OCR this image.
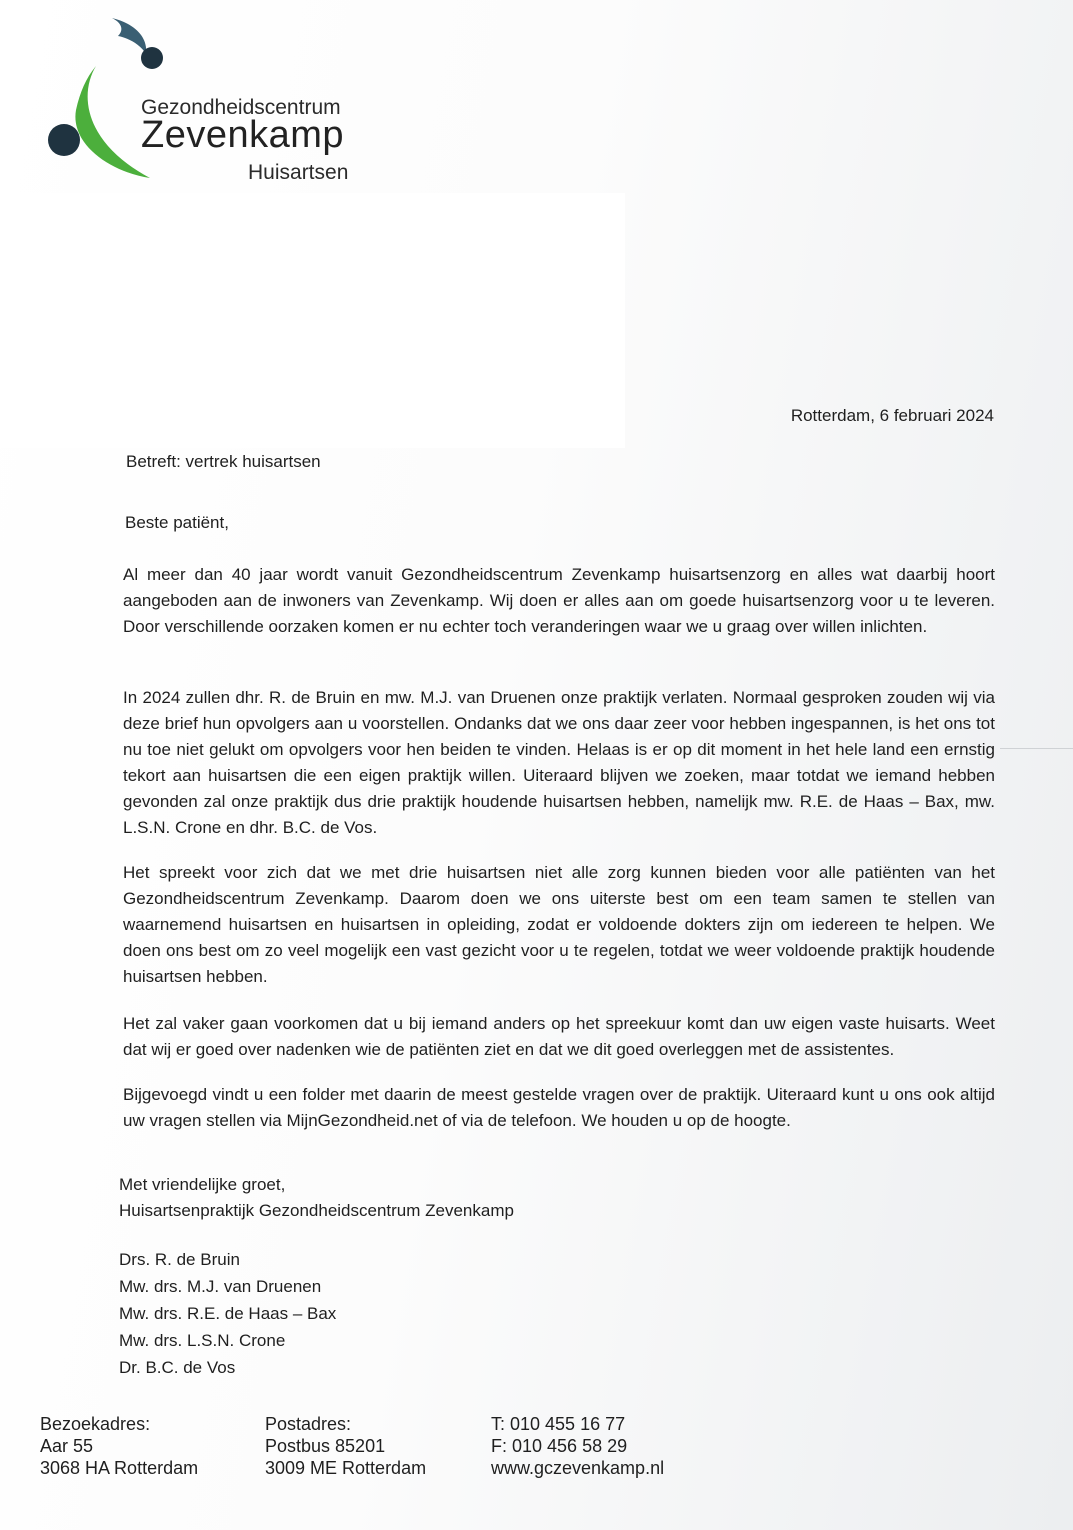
Gezondheidscentrum
Zevenkamp
Huisartsen
Rotterdam, 6 februari 2024
Betreft: vertrek huisartsen
Beste patiënt,

Al meer dan 40 jaar wordt vanuit Gezondheidscentrum Zevenkamp huisartsenzorg en alles wat daarbij hoort aangeboden aan de inwoners van Zevenkamp. Wij doen er alles aan om goede huisartsenzorg voor u te leveren. Door verschillende oorzaken komen er nu echter toch veranderingen waar we u graag over willen inlichten.

In 2024 zullen dhr. R. de Bruin en mw. M.J. van Druenen onze praktijk verlaten. Normaal gesproken zouden wij via deze brief hun opvolgers aan u voorstellen. Ondanks dat we ons daar zeer voor hebben ingespannen, is het ons tot nu toe niet gelukt om opvolgers voor hen beiden te vinden. Helaas is er op dit moment in het hele land een ernstig tekort aan huisartsen die een eigen praktijk willen. Uiteraard blijven we zoeken, maar totdat we iemand hebben gevonden zal onze praktijk dus drie praktijk houdende huisartsen hebben, namelijk mw. R.E. de Haas – Bax, mw. L.S.N. Crone en dhr. B.C. de Vos.

Het spreekt voor zich dat we met drie huisartsen niet alle zorg kunnen bieden voor alle patiënten van het Gezondheidscentrum Zevenkamp. Daarom doen we ons uiterste best om een team samen te stellen van waarnemend huisartsen en huisartsen in opleiding, zodat er voldoende dokters zijn om iedereen te helpen. We doen ons best om zo veel mogelijk een vast gezicht voor u te regelen, totdat we weer voldoende praktijk houdende huisartsen hebben.

Het zal vaker gaan voorkomen dat u bij iemand anders op het spreekuur komt dan uw eigen vaste huisarts. Weet dat wij er goed over nadenken wie de patiënten ziet en dat we dit goed overleggen met de assistentes.

Bijgevoegd vindt u een folder met daarin de meest gestelde vragen over de praktijk. Uiteraard kunt u ons ook altijd uw vragen stellen via MijnGezondheid.net of via de telefoon. We houden u op de hoogte.

Met vriendelijke groet,
Huisartsenpraktijk Gezondheidscentrum Zevenkamp
Drs. R. de Bruin
Mw. drs. M.J. van Druenen
Mw. drs. R.E. de Haas – Bax
Mw. drs. L.S.N. Crone
Dr. B.C. de Vos
Bezoekadres:
Aar 55
3068 HA Rotterdam
Postadres:
Postbus 85201
3009 ME Rotterdam
T: 010 455 16 77
F: 010 456 58 29
www.gczevenkamp.nl
